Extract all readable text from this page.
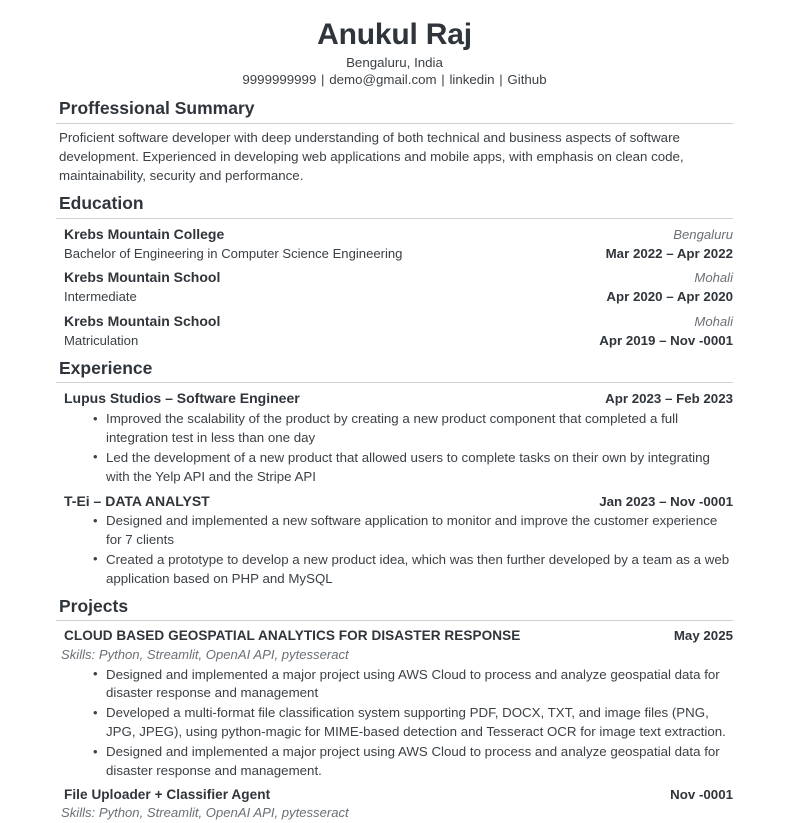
Anukul Raj
Bengaluru, India
9999999999 | demo@gmail.com | linkedin | Github
Proffessional Summary

Proficient software developer with deep understanding of both technical and business aspects of software development. Experienced in developing web applications and mobile apps, with emphasis on clean code, maintainability, security and performance.

Education
Krebs Mountain College	Bengaluru
Bachelor of Engineering in Computer Science Engineering	Mar 2022 – Apr 2022
Krebs Mountain School	Mohali
Intermediate	Apr 2020 – Apr 2020
Krebs Mountain School	Mohali
Matriculation	Apr 2019 – Nov -0001
Experience
Lupus Studios – Software Engineer	Apr 2023 – Feb 2023
• Improved the scalability of the product by creating a new product component that completed a full integration test in less than one day
• Led the development of a new product that allowed users to complete tasks on their own by integrating with the Yelp API and the Stripe API
T-Ei – DATA ANALYST	Jan 2023 – Nov -0001
• Designed and implemented a new software application to monitor and improve the customer experience for 7 clients
• Created a prototype to develop a new product idea, which was then further developed by a team as a web application based on PHP and MySQL
Projects
CLOUD BASED GEOSPATIAL ANALYTICS FOR DISASTER RESPONSE	May 2025
Skills: Python, Streamlit, OpenAI API, pytesseract
• Designed and implemented a major project using AWS Cloud to process and analyze geospatial data for disaster response and management
• Developed a multi-format file classification system supporting PDF, DOCX, TXT, and image files (PNG, JPG, JPEG), using python-magic for MIME-based detection and Tesseract OCR for image text extraction.
• Designed and implemented a major project using AWS Cloud to process and analyze geospatial data for disaster response and management.
File Uploader + Classifier Agent	Nov -0001
Skills: Python, Streamlit, OpenAI API, pytesseract
